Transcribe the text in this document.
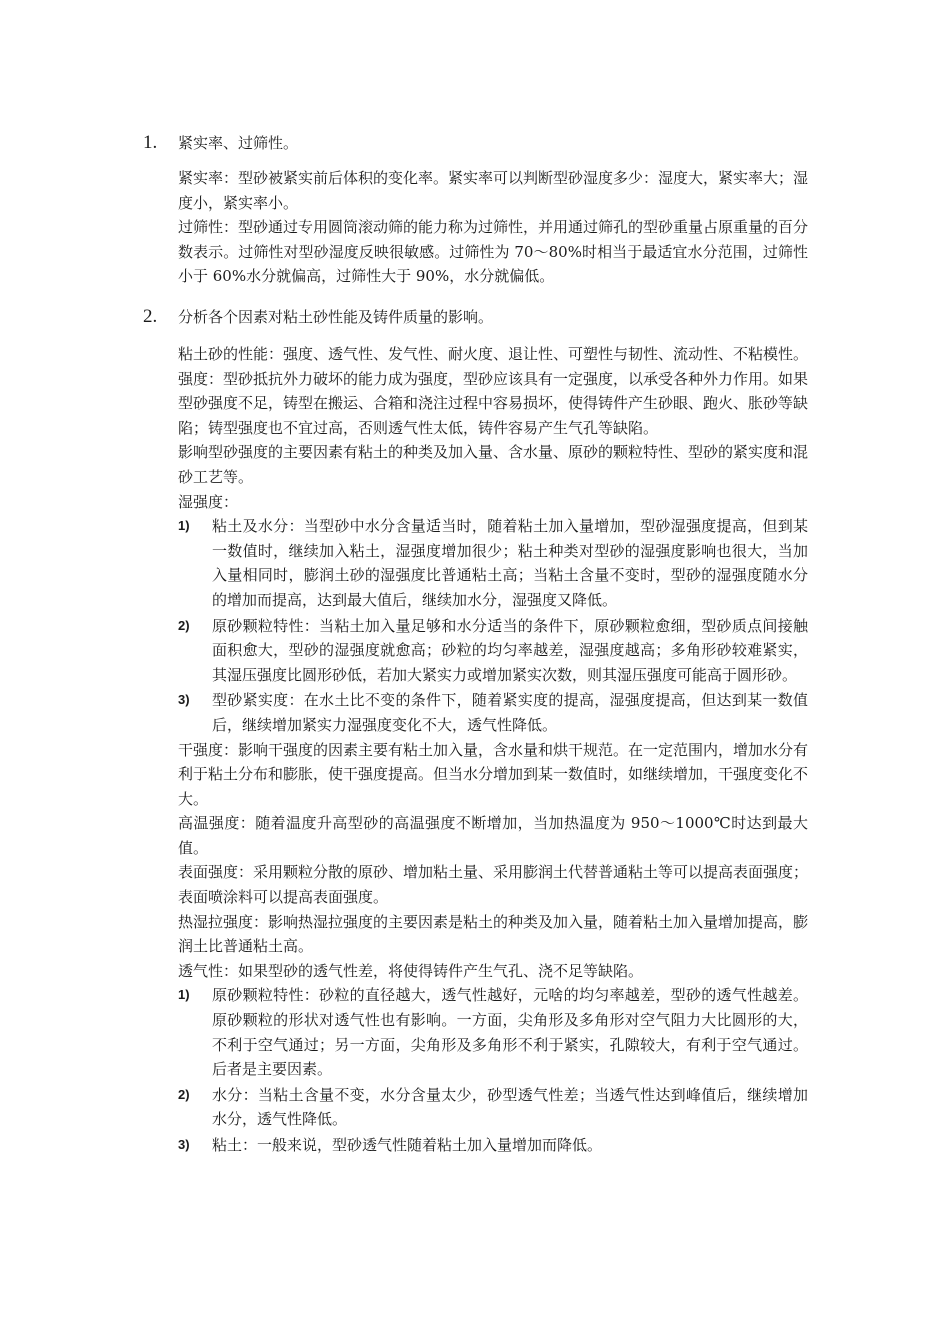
1. 紧实率、过筛性。

紧实率：型砂被紧实前后体积的变化率。紧实率可以判断型砂湿度多少：湿度大，紧实率大；湿度小，紧实率小。

过筛性：型砂通过专用圆筒滚动筛的能力称为过筛性，并用通过筛孔的型砂重量占原重量的百分数表示。过筛性对型砂湿度反映很敏感。过筛性为 70～80%时相当于最适宜水分范围，过筛性小于 60%水分就偏高，过筛性大于 90%，水分就偏低。

2. 分析各个因素对粘土砂性能及铸件质量的影响。

粘土砂的性能：强度、透气性、发气性、耐火度、退让性、可塑性与韧性、流动性、不粘模性。

强度：型砂抵抗外力破坏的能力成为强度，型砂应该具有一定强度，以承受各种外力作用。如果型砂强度不足，铸型在搬运、合箱和浇注过程中容易损坏，使得铸件产生砂眼、跑火、胀砂等缺陷；铸型强度也不宜过高，否则透气性太低，铸件容易产生气孔等缺陷。

影响型砂强度的主要因素有粘土的种类及加入量、含水量、原砂的颗粒特性、型砂的紧实度和混砂工艺等。

湿强度：

1) 粘土及水分：当型砂中水分含量适当时，随着粘土加入量增加，型砂湿强度提高，但到某一数值时，继续加入粘土，湿强度增加很少；粘土种类对型砂的湿强度影响也很大，当加入量相同时，膨润土砂的湿强度比普通粘土高；当粘土含量不变时，型砂的湿强度随水分的增加而提高，达到最大值后，继续加水分，湿强度又降低。
2) 原砂颗粒特性：当粘土加入量足够和水分适当的条件下，原砂颗粒愈细，型砂质点间接触面积愈大，型砂的湿强度就愈高；砂粒的均匀率越差，湿强度越高；多角形砂较难紧实，其湿压强度比圆形砂低，若加大紧实力或增加紧实次数，则其湿压强度可能高于圆形砂。
3) 型砂紧实度：在水土比不变的条件下，随着紧实度的提高，湿强度提高，但达到某一数值后，继续增加紧实力湿强度变化不大，透气性降低。

干强度：影响干强度的因素主要有粘土加入量，含水量和烘干规范。在一定范围内，增加水分有利于粘土分布和膨胀，使干强度提高。但当水分增加到某一数值时，如继续增加，干强度变化不大。

高温强度：随着温度升高型砂的高温强度不断增加，当加热温度为 950～1000℃时达到最大值。

表面强度：采用颗粒分散的原砂、增加粘土量、采用膨润土代替普通粘土等可以提高表面强度；表面喷涂料可以提高表面强度。

热湿拉强度：影响热湿拉强度的主要因素是粘土的种类及加入量，随着粘土加入量增加提高，膨润土比普通粘土高。

透气性：如果型砂的透气性差，将使得铸件产生气孔、浇不足等缺陷。

1) 原砂颗粒特性：砂粒的直径越大，透气性越好，元啥的均匀率越差，型砂的透气性越差。原砂颗粒的形状对透气性也有影响。一方面，尖角形及多角形对空气阻力大比圆形的大，不利于空气通过；另一方面，尖角形及多角形不利于紧实，孔隙较大，有利于空气通过。后者是主要因素。
2) 水分：当粘土含量不变，水分含量太少，砂型透气性差；当透气性达到峰值后，继续增加水分，透气性降低。
3) 粘土：一般来说，型砂透气性随着粘土加入量增加而降低。
